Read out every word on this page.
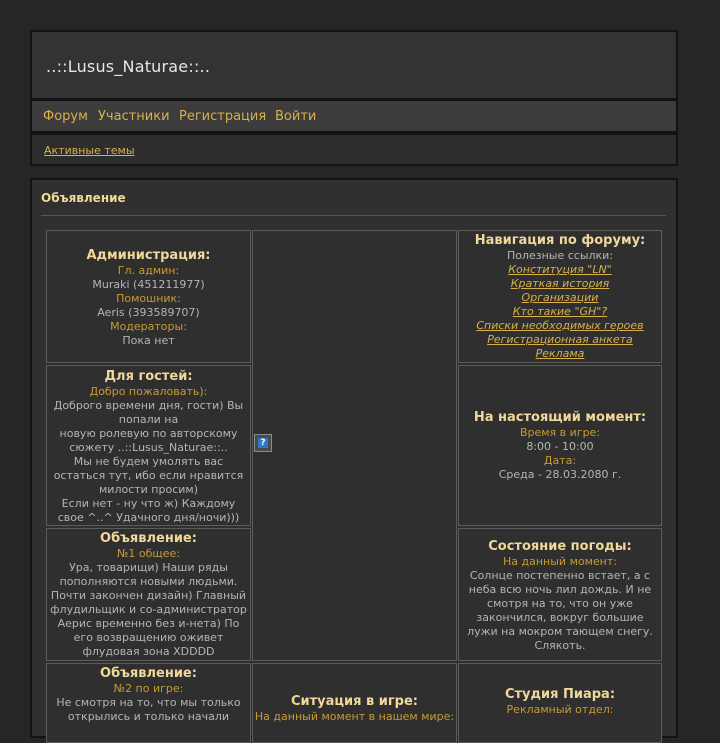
..::Lusus_Naturae::..
Форум Участники Регистрация Войти
Активные темы
Объявление
Администрация:
Гл. админ:
Muraki (451211977)
Помошник:
Aeris (393589707)
Модераторы:
Пока нет
Для гостей:
Добро пожаловать):
Доброго времени дня, гости) Вы
попали на
новую ролевую по авторскому
сюжету ..::Lusus_Naturae::..
Мы не будем умолять вас
остаться тут, ибо если нравится
милости просим)
Если нет - ну что ж) Каждому
свое ^..^ Удачного дня/ночи)))
Объявление:
№1 общее:
Ура, товарищи) Наши ряды
пополняются новыми людьми.
Почти закончен дизайн) Главный
флудильщик и со-администратор
Аерис временно без и-нета) По
его возвращению оживет
флудовая зона XDDDD
Объявление:
№2 по игре:
Не смотря на то, что мы только
открылись и только начали
?
Ситуация в игре:
На данный момент в нашем мире:
Навигация по форуму:
Полезные ссылки:
Конституция "LN"
Краткая история
Организации
Кто такие "GH"?
Списки необходимых героев
Регистрационная анкета
Реклама
На настоящий момент:
Время в игре:
8:00 - 10:00
Дата:
Среда - 28.03.2080 г.
Состояние погоды:
На данный момент:
Солнце постепенно встает, а с
неба всю ночь лил дождь. И не
смотря на то, что он уже
закончился, вокруг большие
лужи на мокром тающем снегу.
Слякоть.
Студия Пиара:
Рекламный отдел:
